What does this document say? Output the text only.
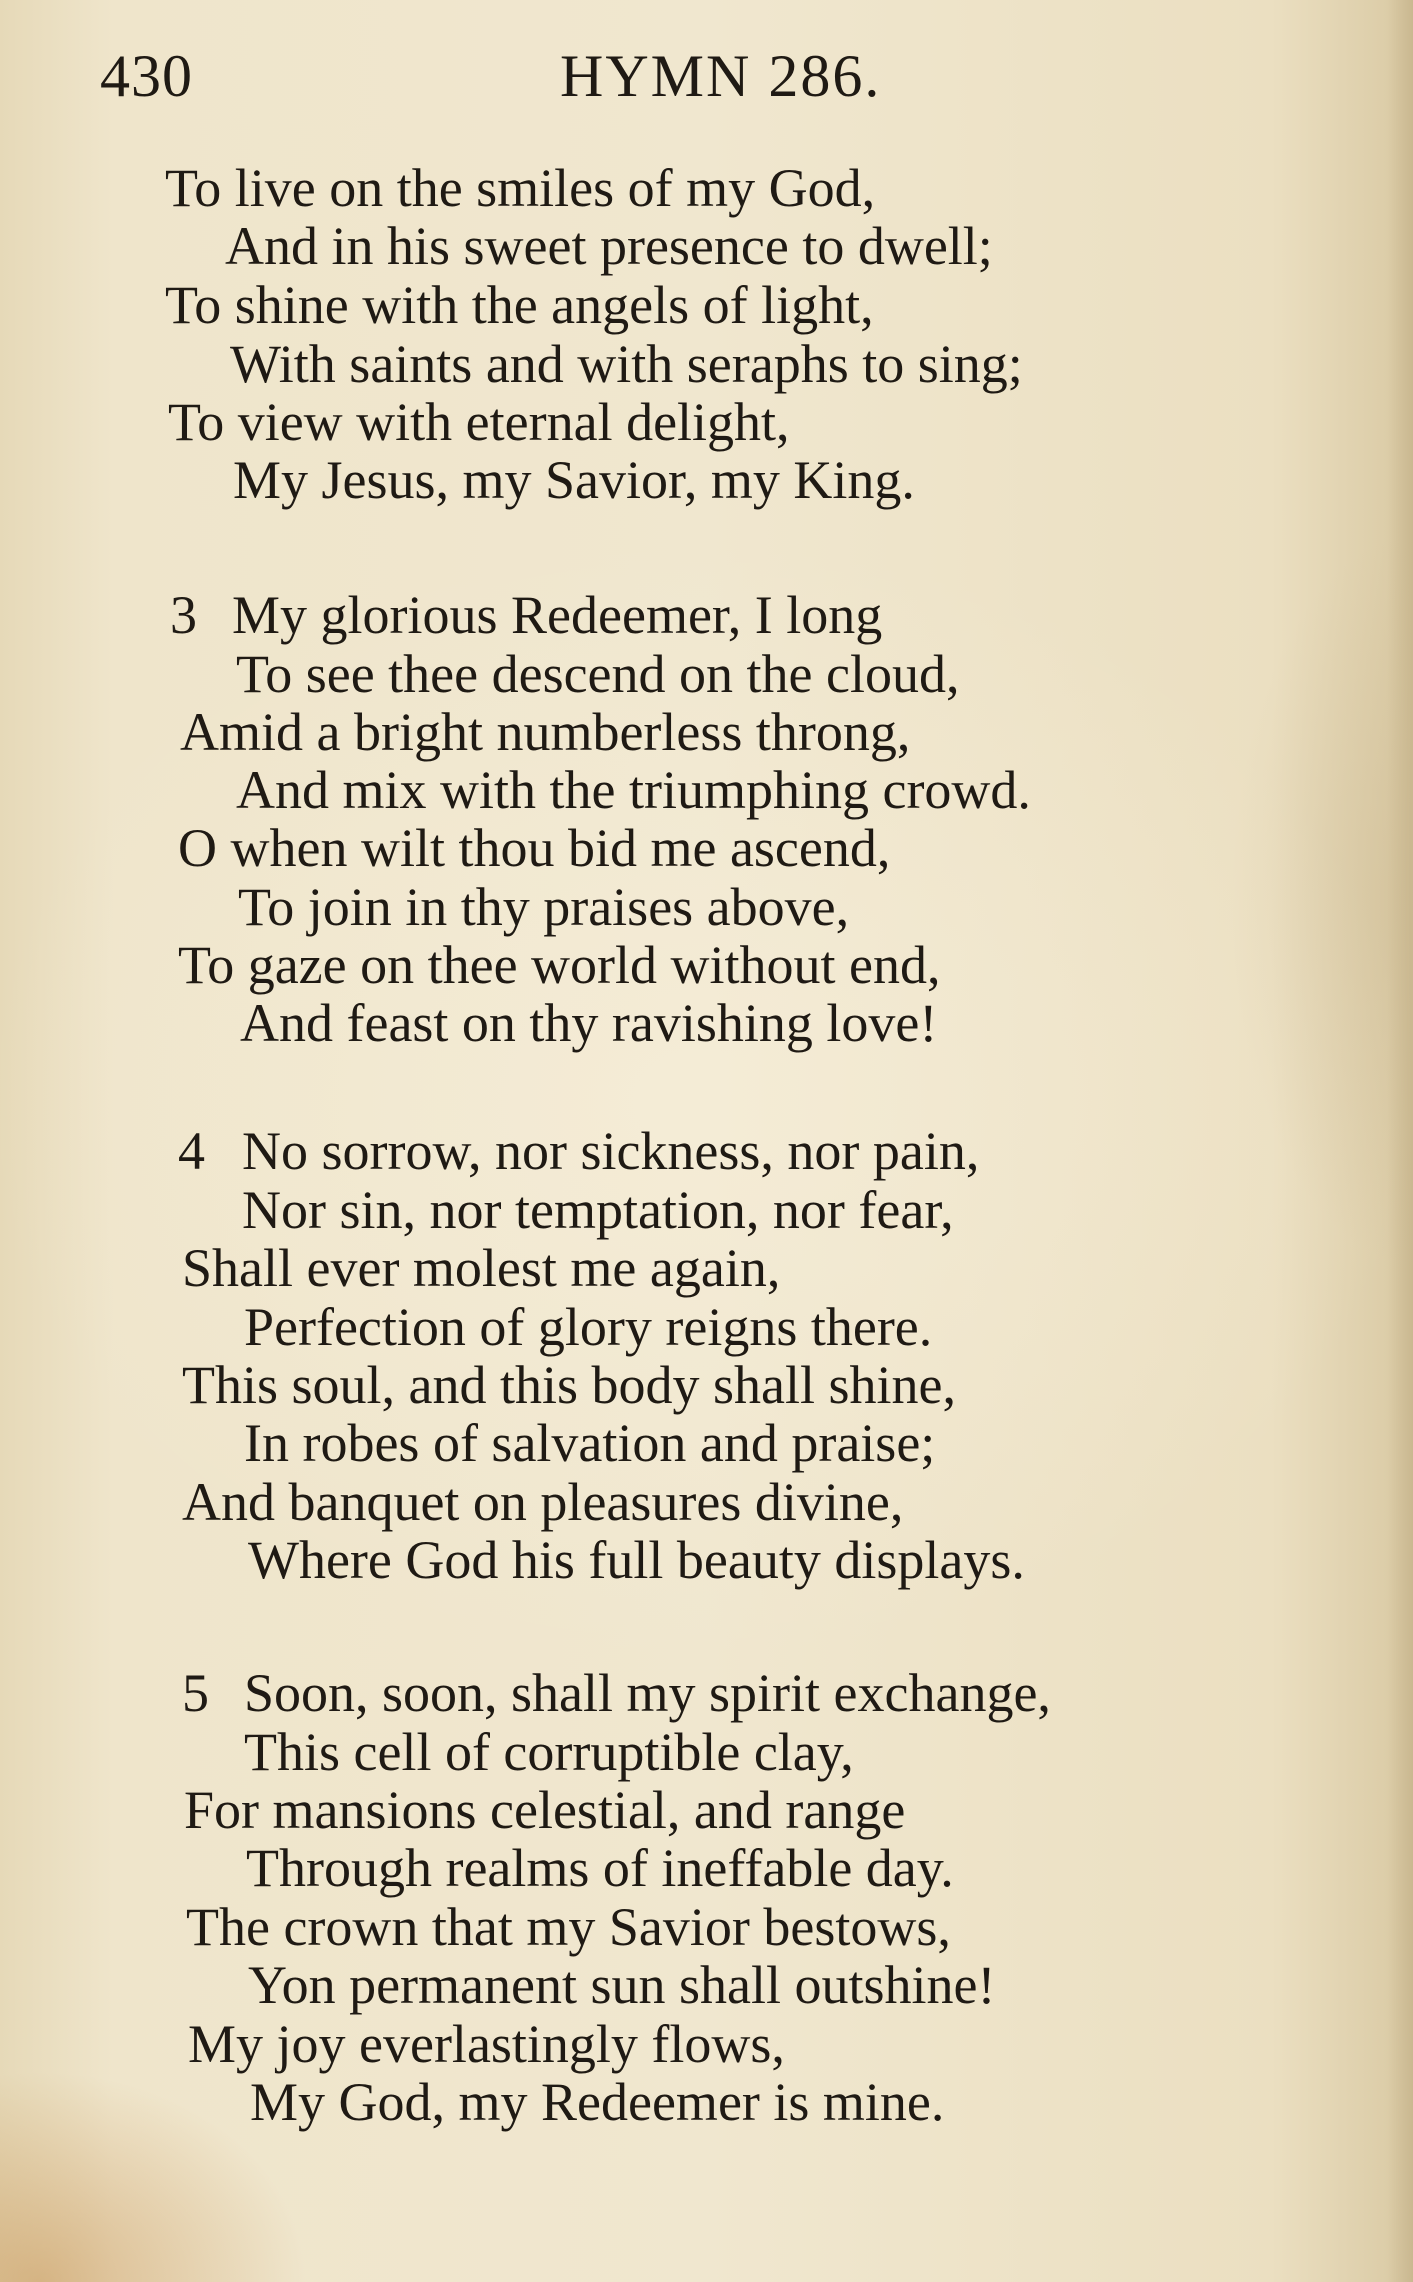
430	HYMN 286.
To live on the smiles of my God,
And in his sweet presence to dwell;
To shine with the angels of light,
With saints and with seraphs to sing;
To view with eternal delight,
My Jesus, my Savior, my King.
3 My glorious Redeemer, I long
To see thee descend on the cloud,
Amid a bright numberless throng,
And mix with the triumphing crowd.
O when wilt thou bid me ascend,
To join in thy praises above,
To gaze on thee world without end,
And feast on thy ravishing love!
4 No sorrow, nor sickness, nor pain,
Nor sin, nor temptation, nor fear,
Shall ever molest me again,
Perfection of glory reigns there.
This soul, and this body shall shine,
In robes of salvation and praise;
And banquet on pleasures divine,
Where God his full beauty displays.
5 Soon, soon, shall my spirit exchange,
This cell of corruptible clay,
For mansions celestial, and range
Through realms of ineffable day.
The crown that my Savior bestows,
Yon permanent sun shall outshine!
My joy everlastingly flows,
My God, my Redeemer is mine.
